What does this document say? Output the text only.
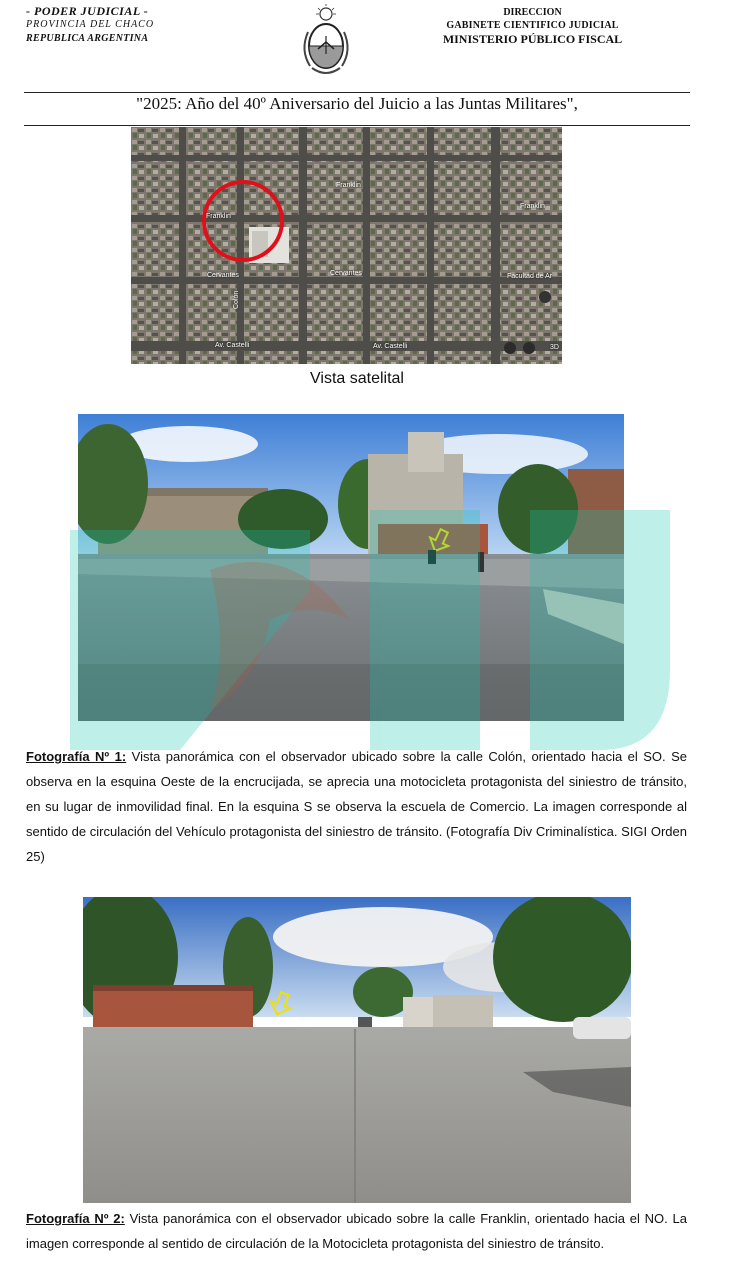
- PODER JUDICIAL -
PROVINCIA DEL CHACO
REPUBLICA ARGENTINA
DIRECCION
GABINETE CIENTIFICO JUDICIAL
MINISTERIO PÚBLICO FISCAL
"2025: Año del 40º Aniversario del Juicio a las Juntas Militares",
Franklin
Franklin
Franklin
Cervantes	Cervantes
Av. Castelli	Av. Castelli
Colón
Facultad de Ar
3D
Vista satelital
Fotografía Nº 1: Vista panorámica con el observador ubicado sobre la calle Colón, orientado hacia el SO. Se observa en la esquina Oeste de la encrucijada, se aprecia una motocicleta protagonista del siniestro de tránsito, en su lugar de inmovilidad final. En la esquina S se observa la escuela de Comercio. La imagen corresponde al sentido de circulación del Vehículo protagonista del siniestro de tránsito. (Fotografía Div Criminalística. SIGI Orden 25)
Fotografía Nº 2: Vista panorámica con el observador ubicado sobre la calle Franklin, orientado hacia el NO. La imagen corresponde al sentido de circulación de la Motocicleta protagonista del siniestro de tránsito.
